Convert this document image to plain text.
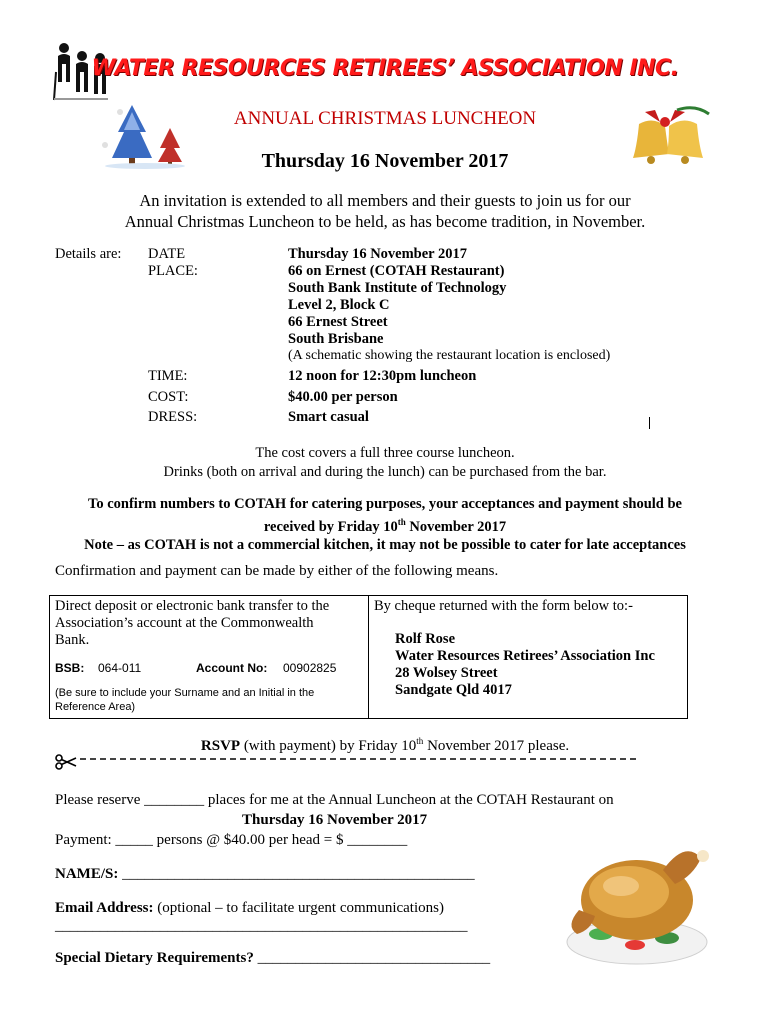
WATER RESOURCES RETIREES’ ASSOCIATION INC.
ANNUAL CHRISTMAS LUNCHEON
Thursday 16 November 2017
An invitation is extended to all members and their guests to join us for our
Annual Christmas Luncheon to be held, as has become tradition, in November.
Details are: DATE	Thursday 16 November 2017
PLACE:	66 on Ernest (COTAH Restaurant)
South Bank Institute of Technology
Level 2, Block C
66 Ernest Street
South Brisbane
(A schematic showing the restaurant location is enclosed)
TIME:	12 noon for 12:30pm luncheon
COST:	$40.00 per person
DRESS:	Smart casual
The cost covers a full three course luncheon.
Drinks (both on arrival and during the lunch) can be purchased from the bar.
To confirm numbers to COTAH for catering purposes, your acceptances and payment should be
received by Friday 10th November 2017
Note – as COTAH is not a commercial kitchen, it may not be possible to cater for late acceptances
Confirmation and payment can be made by either of the following means.
Direct deposit or electronic bank transfer to the
Association’s account at the Commonwealth
Bank.
BSB: 064-011	Account No: 00902825
(Be sure to include your Surname and an Initial in the
Reference Area)
By cheque returned with the form below to:-
Rolf Rose
Water Resources Retirees’ Association Inc
28 Wolsey Street
Sandgate Qld 4017
RSVP (with payment) by Friday 10th November 2017 please.
Please reserve ________ places for me at the Annual Luncheon at the COTAH Restaurant on
Thursday 16 November 2017
Payment: _____ persons @ $40.00 per head = $ ________
NAME/S: _______________________________________________
Email Address: (optional – to facilitate urgent communications)
_______________________________________________________
Special Dietary Requirements? _______________________________
